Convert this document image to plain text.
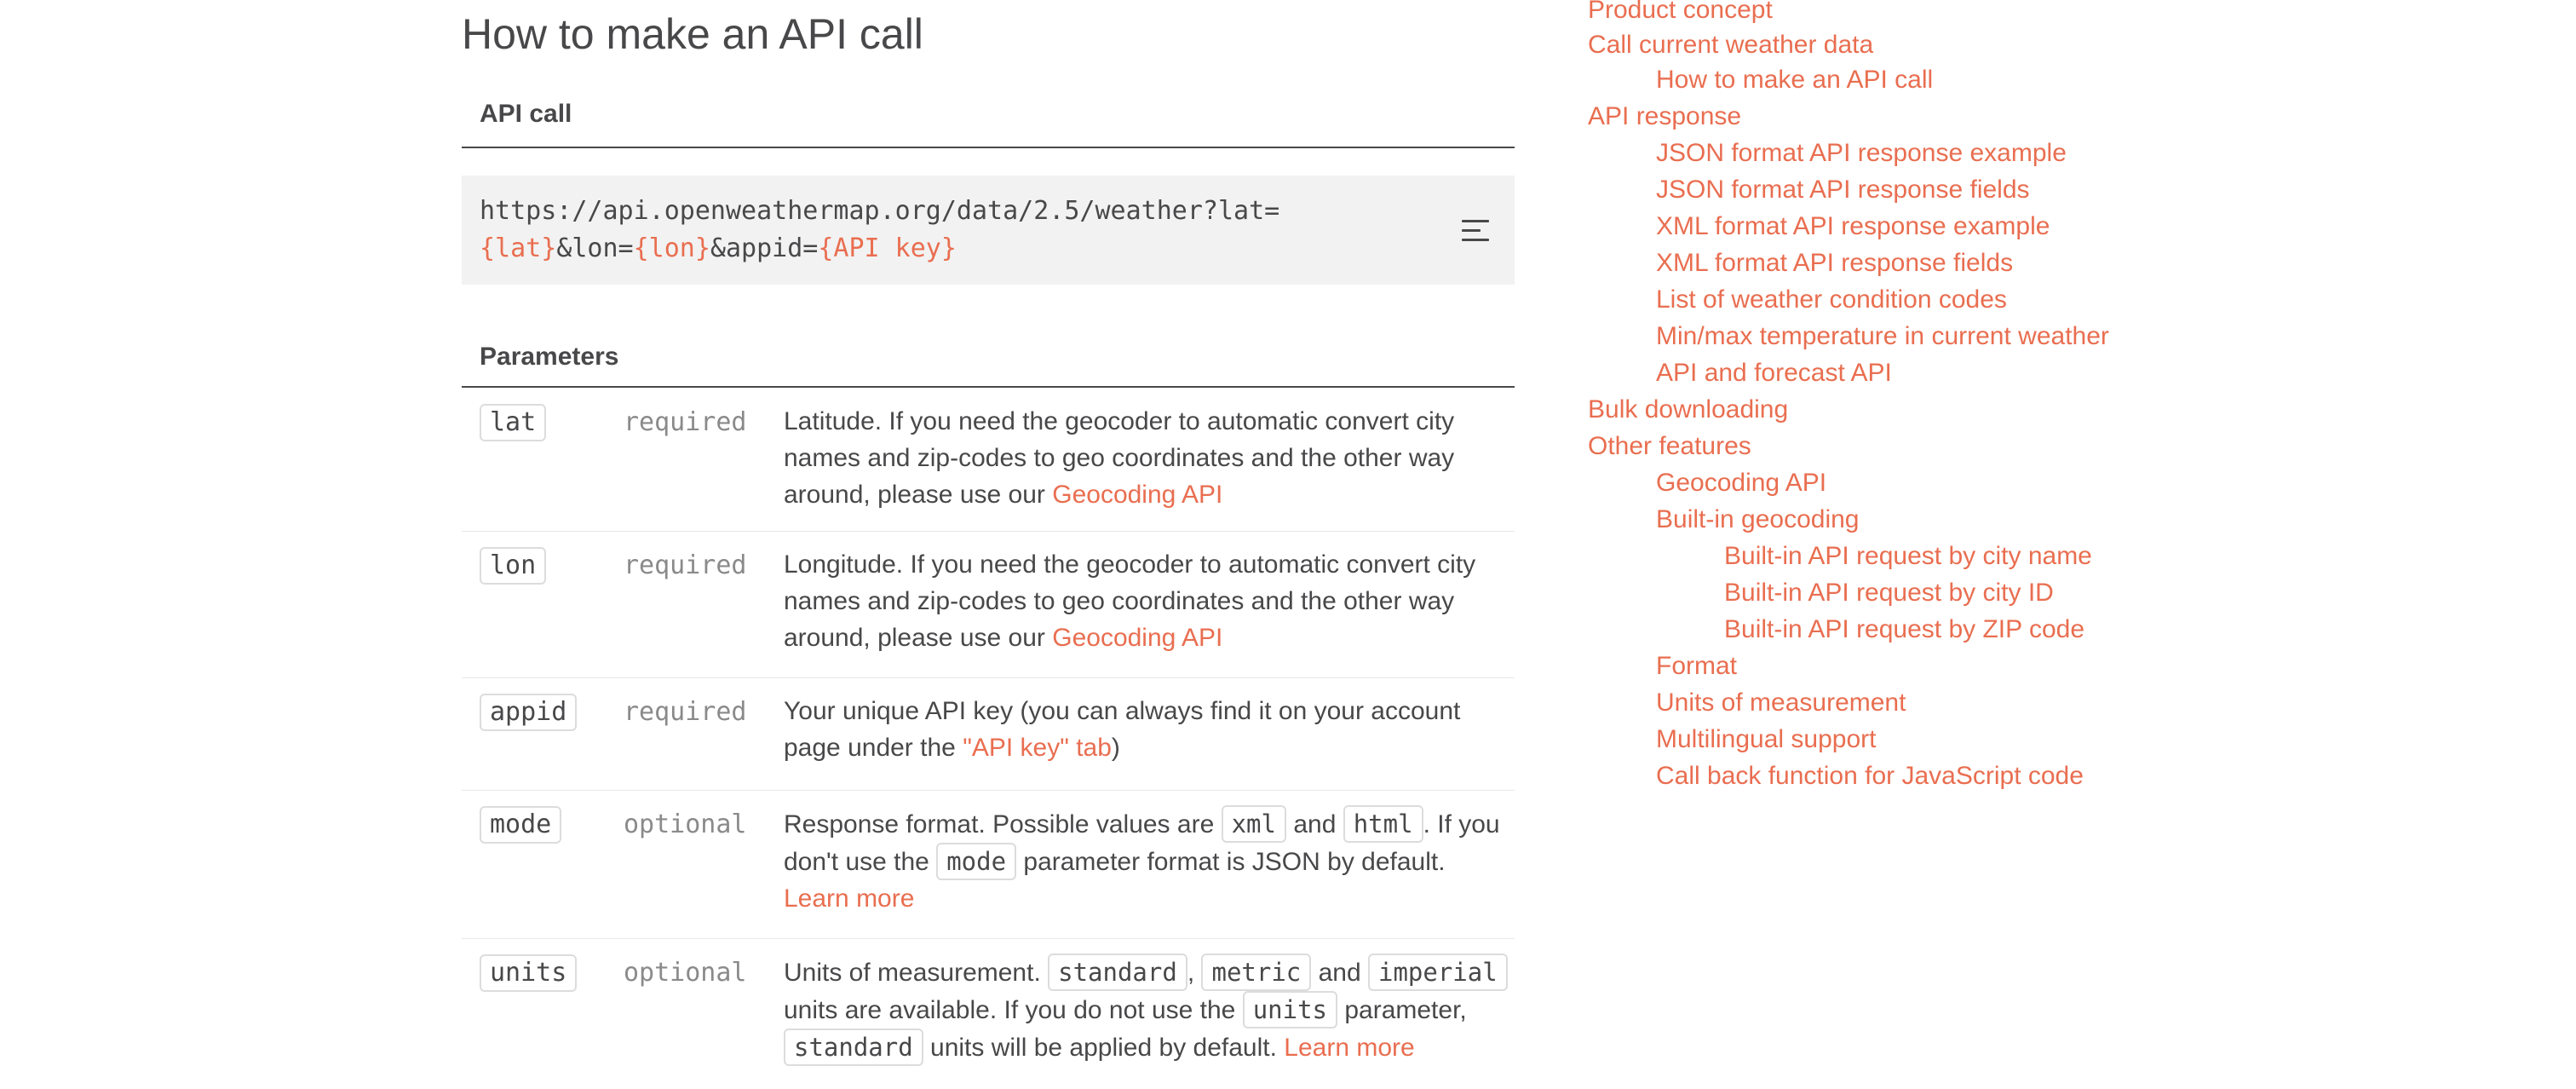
How to make an API call
API call
https://api.openweathermap.org/data/2.5/weather?lat=
{lat}&lon={lon}&appid={API key}
Parameters
lat	required Latitude. If you need the geocoder to automatic convert city names and zip-codes to geo coordinates and the other way around, please use our Geocoding API
lon	required Longitude. If you need the geocoder to automatic convert city names and zip-codes to geo coordinates and the other way around, please use our Geocoding API
appid	required Your unique API key (you can always find it on your account page under the "API key" tab)
mode	optional Response format. Possible values are xml and html . If you don't use the mode parameter format is JSON by default. Learn more
units	optional Units of measurement. standard , metric and imperial units are available. If you do not use the units parameter, standard units will be applied by default. Learn more
Product concept
Call current weather data
How to make an API call
API response
JSON format API response example
JSON format API response fields
XML format API response example
XML format API response fields
List of weather condition codes
Min/max temperature in current weather
API and forecast API
Bulk downloading
Other features
Geocoding API
Built-in geocoding
Built-in API request by city name
Built-in API request by city ID
Built-in API request by ZIP code
Format
Units of measurement
Multilingual support
Call back function for JavaScript code
